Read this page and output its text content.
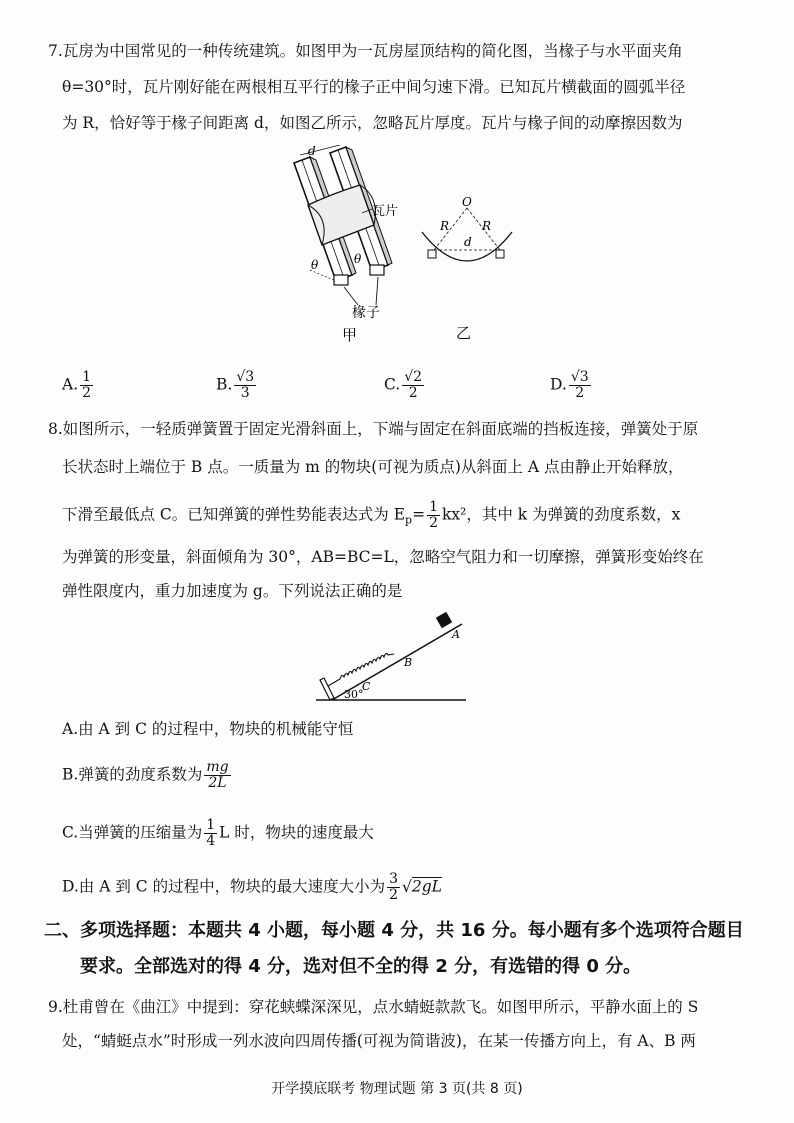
7.瓦房为中国常见的一种传统建筑。如图甲为一瓦房屋顶结构的简化图，当椽子与水平面夹角
θ=30°时，瓦片刚好能在两根相互平行的椽子正中间匀速下滑。已知瓦片横截面的圆弧半径
为 R，恰好等于椽子间距离 d，如图乙所示，忽略瓦片厚度。瓦片与椽子间的动摩擦因数为
d
瓦片
θ	θ
椽子
甲
O
R	R
d
乙
A. $\frac{1}{2}$	B. $\frac{√3}{3}$	C. $\frac{√2}{2}$	D. $\frac{√3}{2}$
8.如图所示，一轻质弹簧置于固定光滑斜面上，下端与固定在斜面底端的挡板连接，弹簧处于原
长状态时上端位于 B 点。一质量为 m 的物块(可视为质点)从斜面上 A 点由静止开始释放，
下滑至最低点 C。已知弹簧的弹性势能表达式为 $E_p= \frac{1}{2} kx^2$，其中 k 为弹簧的劲度系数，x
为弹簧的形变量，斜面倾角为 30°，AB=BC=L，忽略空气阻力和一切摩擦，弹簧形变始终在
弹性限度内，重力加速度为 g。下列说法正确的是
A
B
C
30°
A.由 A 到 C 的过程中，物块的机械能守恒
B.弹簧的劲度系数为 $\frac{mg}{2L}$
C.当弹簧的压缩量为 $\frac{1}{4}$ L 时，物块的速度最大
D.由 A 到 C 的过程中，物块的最大速度大小为 $\frac{3}{2} √2gL$
二、多项选择题：本题共 4 小题，每小题 4 分，共 16 分。每小题有多个选项符合题目
要求。全部选对的得 4 分，选对但不全的得 2 分，有选错的得 0 分。
9.杜甫曾在《曲江》中提到：穿花蛱蝶深深见，点水蜻蜓款款飞。如图甲所示，平静水面上的 S
处，“蜻蜓点水”时形成一列水波向四周传播(可视为简谐波)，在某一传播方向上，有 A、B 两
开学摸底联考 物理试题 第 3 页(共 8 页)
